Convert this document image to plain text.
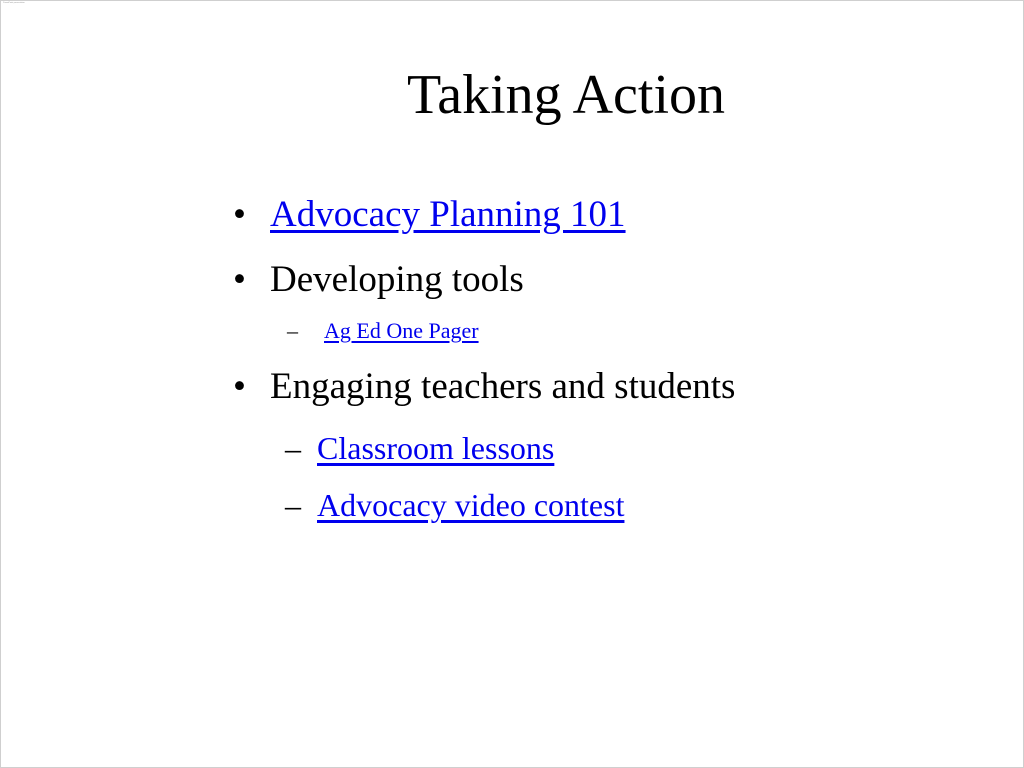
PowerPoint presentation
Taking Action
• Advocacy Planning 101
• Developing tools
– Ag Ed One Pager
• Engaging teachers and students
– Classroom lessons
– Advocacy video contest
